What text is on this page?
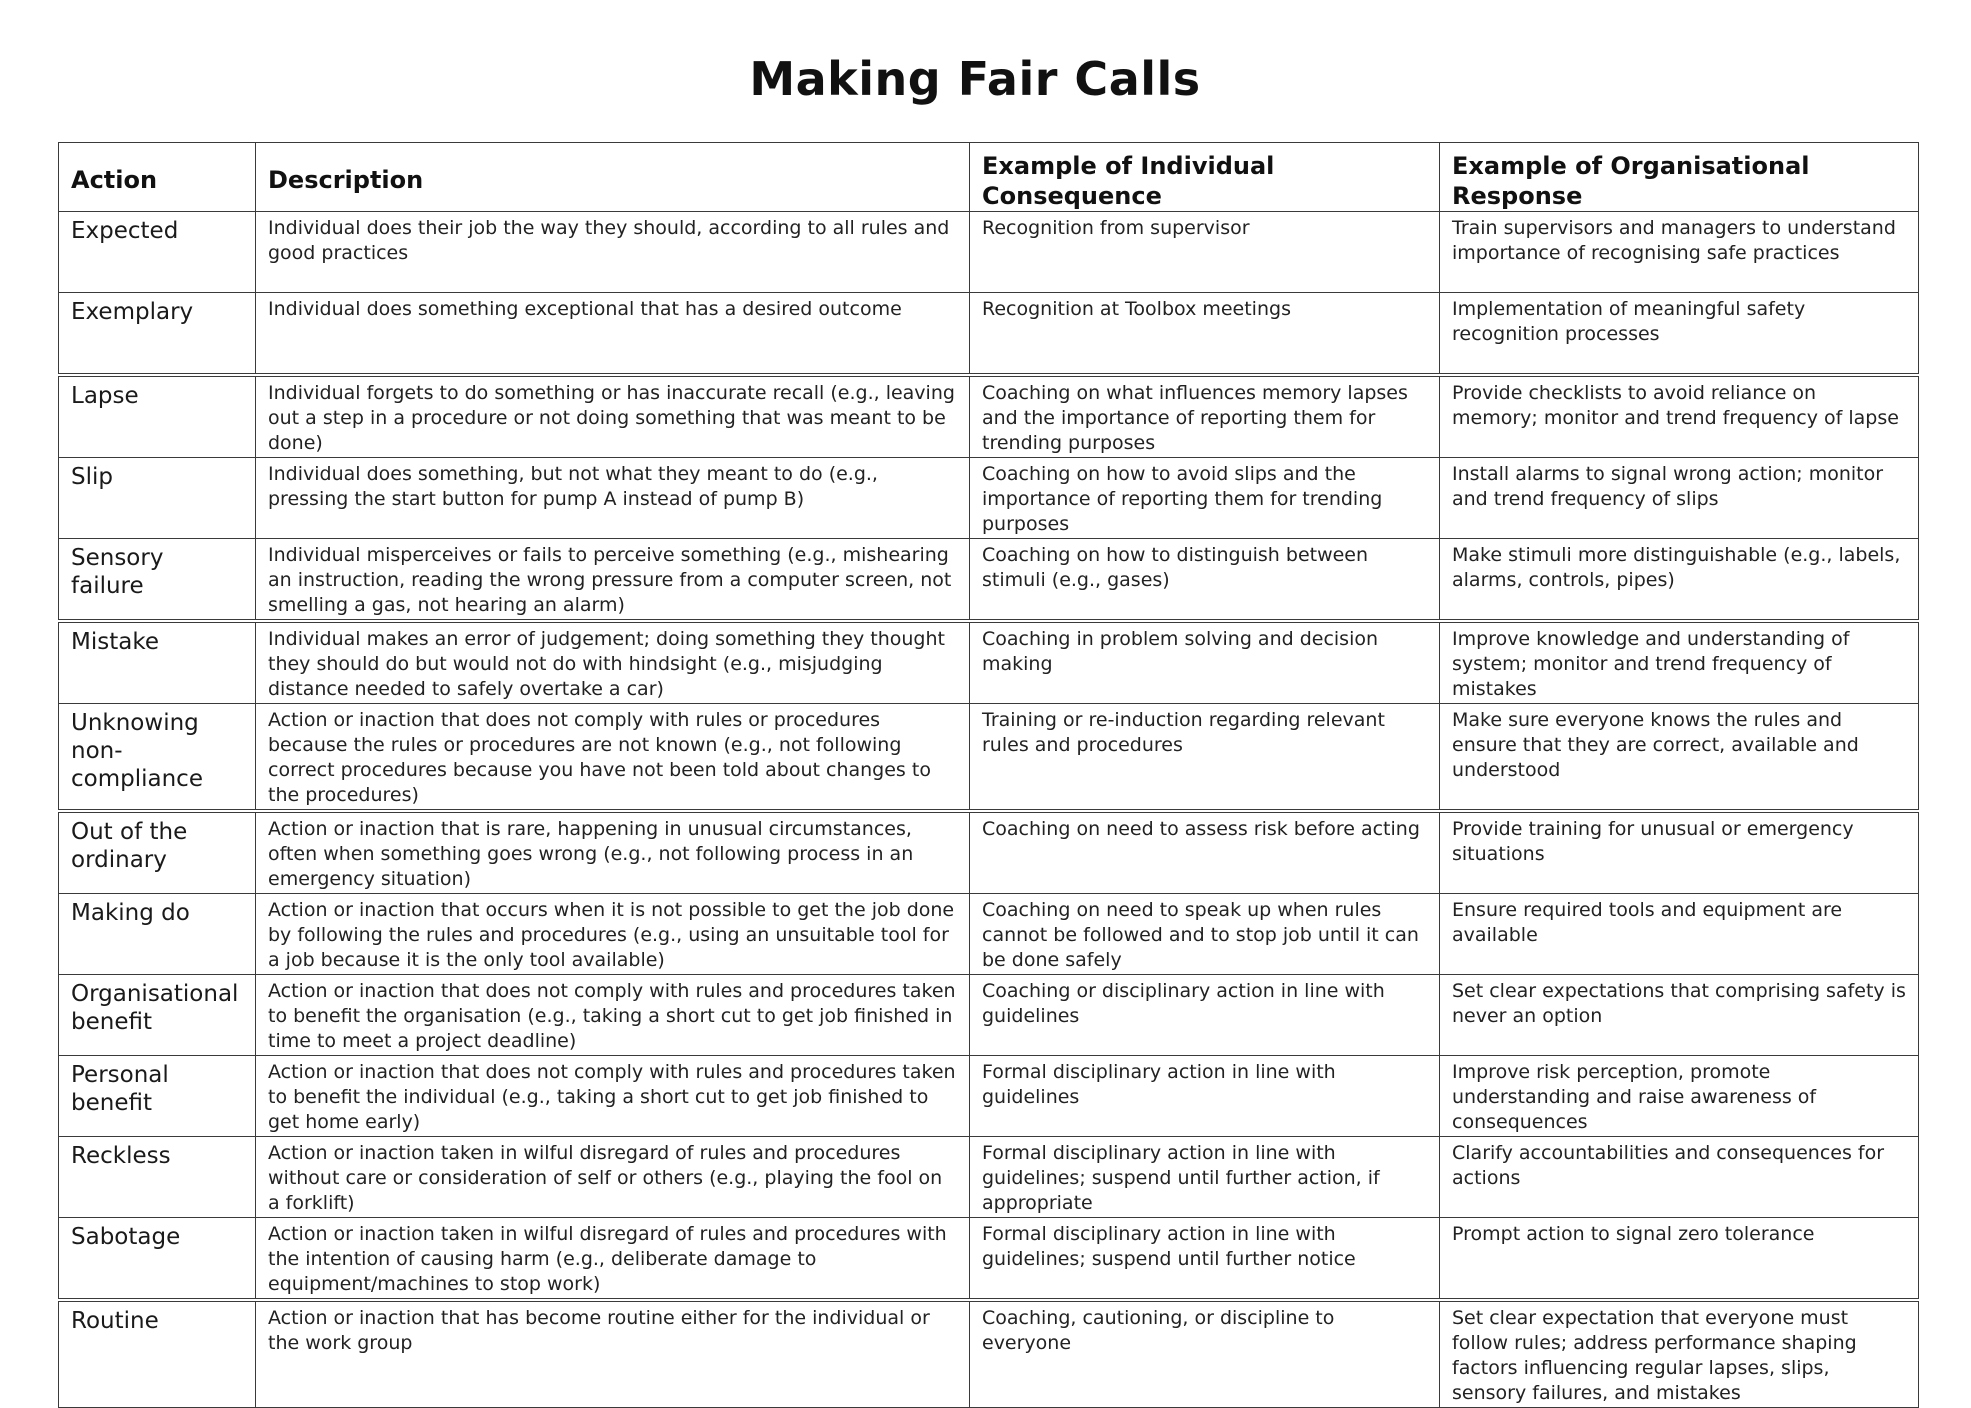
Making Fair Calls
Action	Description	Example of Individual Consequence	Example of Organisational Response
Expected	Individual does their job the way they should, according to all rules and good practices	Recognition from supervisor	Train supervisors and managers to understand importance of recognising safe practices
Exemplary	Individual does something exceptional that has a desired outcome	Recognition at Toolbox meetings	Implementation of meaningful safety recognition processes
Lapse	Individual forgets to do something or has inaccurate recall (e.g., leaving out a step in a procedure or not doing something that was meant to be done)	Coaching on what influences memory lapses and the importance of reporting them for trending purposes	Provide checklists to avoid reliance on memory; monitor and trend frequency of lapse
Slip	Individual does something, but not what they meant to do (e.g., pressing the start button for pump A instead of pump B)	Coaching on how to avoid slips and the importance of reporting them for trending purposes	Install alarms to signal wrong action; monitor and trend frequency of slips
Sensory failure	Individual misperceives or fails to perceive something (e.g., mishearing an instruction, reading the wrong pressure from a computer screen, not smelling a gas, not hearing an alarm)	Coaching on how to distinguish between stimuli (e.g., gases)	Make stimuli more distinguishable (e.g., labels, alarms, controls, pipes)
Mistake	Individual makes an error of judgement; doing something they thought they should do but would not do with hindsight (e.g., misjudging distance needed to safely overtake a car)	Coaching in problem solving and decision making	Improve knowledge and understanding of system; monitor and trend frequency of mistakes
Unknowing non-compliance	Action or inaction that does not comply with rules or procedures because the rules or procedures are not known (e.g., not following correct procedures because you have not been told about changes to the procedures)	Training or re-induction regarding relevant rules and procedures	Make sure everyone knows the rules and ensure that they are correct, available and understood
Out of the ordinary	Action or inaction that is rare, happening in unusual circumstances, often when something goes wrong (e.g., not following process in an emergency situation)	Coaching on need to assess risk before acting	Provide training for unusual or emergency situations
Making do	Action or inaction that occurs when it is not possible to get the job done by following the rules and procedures (e.g., using an unsuitable tool for a job because it is the only tool available)	Coaching on need to speak up when rules cannot be followed and to stop job until it can be done safely	Ensure required tools and equipment are available
Organisational benefit	Action or inaction that does not comply with rules and procedures taken to benefit the organisation (e.g., taking a short cut to get job finished in time to meet a project deadline)	Coaching or disciplinary action in line with guidelines	Set clear expectations that comprising safety is never an option
Personal benefit	Action or inaction that does not comply with rules and procedures taken to benefit the individual (e.g., taking a short cut to get job finished to get home early)	Formal disciplinary action in line with guidelines	Improve risk perception, promote understanding and raise awareness of consequences
Reckless	Action or inaction taken in wilful disregard of rules and procedures without care or consideration of self or others (e.g., playing the fool on a forklift)	Formal disciplinary action in line with guidelines; suspend until further action, if appropriate	Clarify accountabilities and consequences for actions
Sabotage	Action or inaction taken in wilful disregard of rules and procedures with the intention of causing harm (e.g., deliberate damage to equipment/machines to stop work)	Formal disciplinary action in line with guidelines; suspend until further notice	Prompt action to signal zero tolerance
Routine	Action or inaction that has become routine either for the individual or the work group	Coaching, cautioning, or discipline to everyone	Set clear expectation that everyone must follow rules; address performance shaping factors influencing regular lapses, slips, sensory failures, and mistakes
